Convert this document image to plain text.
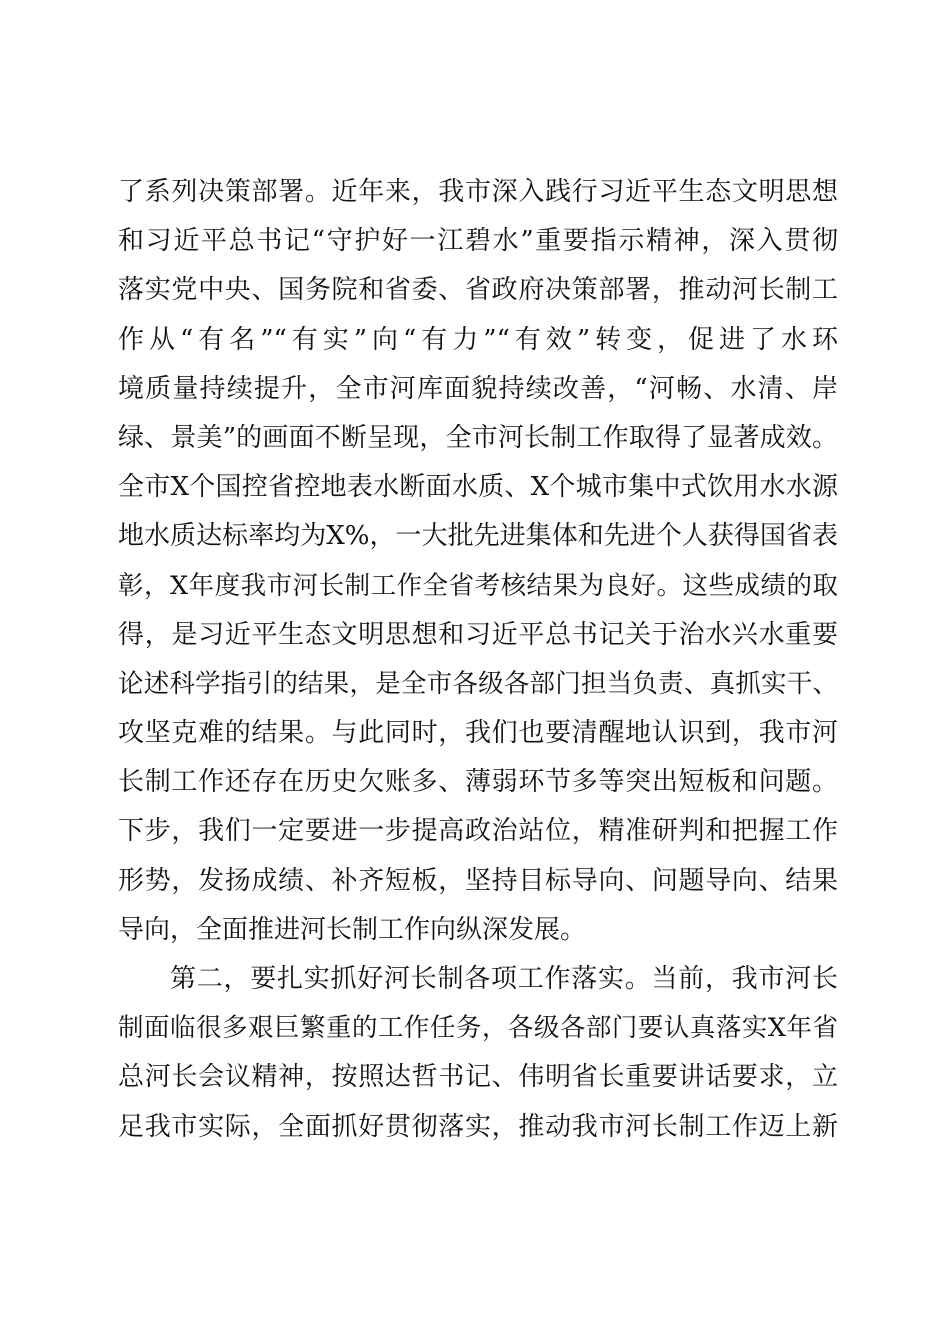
了系列决策部署。近年来，我市深入践行习近平生态文明思想
和习近平总书记“守护好一江碧水”重要指示精神，深入贯彻
落实党中央、国务院和省委、省政府决策部署，推动河长制工
作从“有名”“有实”向“有力”“有效”转变，促进了水环
境质量持续提升，全市河库面貌持续改善，“河畅、水清、岸
绿、景美”的画面不断呈现，全市河长制工作取得了显著成效。
全市X个国控省控地表水断面水质、X个城市集中式饮用水水源
地水质达标率均为X%，一大批先进集体和先进个人获得国省表
彰，X年度我市河长制工作全省考核结果为良好。这些成绩的取
得，是习近平生态文明思想和习近平总书记关于治水兴水重要
论述科学指引的结果，是全市各级各部门担当负责、真抓实干、
攻坚克难的结果。与此同时，我们也要清醒地认识到，我市河
长制工作还存在历史欠账多、薄弱环节多等突出短板和问题。
下步，我们一定要进一步提高政治站位，精准研判和把握工作
形势，发扬成绩、补齐短板，坚持目标导向、问题导向、结果
导向，全面推进河长制工作向纵深发展。
第二，要扎实抓好河长制各项工作落实。当前，我市河长
制面临很多艰巨繁重的工作任务，各级各部门要认真落实X年省
总河长会议精神，按照达哲书记、伟明省长重要讲话要求，立
足我市实际，全面抓好贯彻落实，推动我市河长制工作迈上新
